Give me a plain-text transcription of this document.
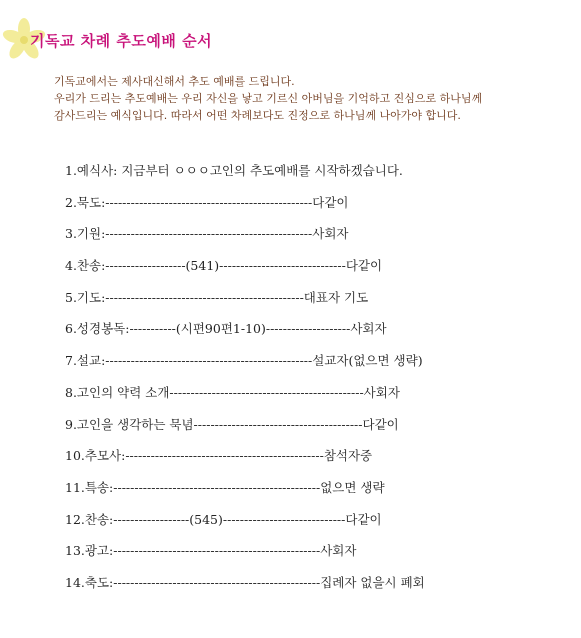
기독교 차례 추도예배 순서

기독교에서는 제사대신해서 추도 예배를 드립니다.

우리가 드리는 추도예배는 우리 자신을 낳고 기르신 아버님을 기억하고 진심으로 하나님께

감사드리는 예식입니다. 따라서 어떤 차례보다도 진정으로 하나님께 나아가야 합니다.

1.예식사: 지금부터 ㅇㅇㅇ고인의 추도예배를 시작하겠습니다.
2.묵도:-------------------------------------------------다같이
3.기원:-------------------------------------------------사회자
4.찬송:-------------------(541)------------------------------다같이
5.기도:-----------------------------------------------대표자 기도
6.성경봉독:-----------(시편90편1-10)--------------------사회자
7.설교:-------------------------------------------------설교자(없으면 생략)
8.고인의 약력 소개----------------------------------------------사회자
9.고인을 생각하는 묵념----------------------------------------다같이
10.추모사:-----------------------------------------------참석자중
11.특송:-------------------------------------------------없으면 생략
12.찬송:------------------(545)-----------------------------다같이
13.광고:-------------------------------------------------사회자
14.축도:-------------------------------------------------집례자 없을시 폐회
